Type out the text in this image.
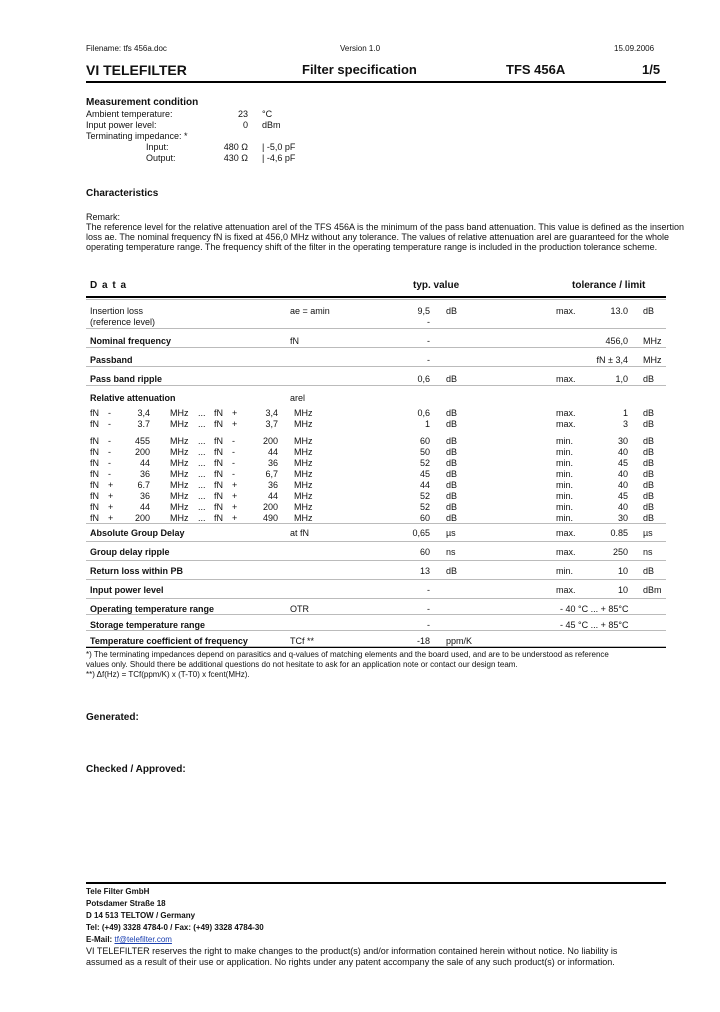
Filename: tfs 456a.doc	Version 1.0	15.09.2006
VI TELEFILTER	Filter specification	TFS 456A	1/5
Measurement condition
Ambient temperature:	23 °C
Input power level:	0 dBm
Terminating impedance: *
Input:	480 Ω | -5,0 pF
Output:	430 Ω | -4,6 pF
Characteristics
Remark:
The reference level for the relative attenuation arel of the TFS 456A is the minimum of the pass band attenuation. This value is defined as the insertion
loss ae. The nominal frequency fN is fixed at 456,0 MHz without any tolerance. The values of relative attenuation arel are guaranteed for the whole
operating temperature range. The frequency shift of the filter in the operating temperature range is included in the production tolerance scheme.
D a t a	typ. value	tolerance / limit
Insertion loss	ae = amin	9,5 dB	max.	13.0 dB
(reference level)	-
Nominal frequency	fN	-	456,0 MHz
Passband	-	fN ± 3,4 MHz
Pass band ripple	0,6 dB	max.	1,0 dB
Relative attenuation	arel
fN -	3,4 MHz ... fN +	3,4 MHz	0,6 dB	max.	1 dB
fN -	3.7 MHz ... fN +	3,7 MHz	1 dB	max.	3 dB
fN -	455 MHz ... fN -	200 MHz	60 dB	min.	30 dB
fN -	200 MHz ... fN -	44 MHz	50 dB	min.	40 dB
fN -	44 MHz ... fN -	36 MHz	52 dB	min.	45 dB
fN -	36 MHz ... fN -	6,7 MHz	45 dB	min.	40 dB
fN +	6.7 MHz ... fN +	36 MHz	44 dB	min.	40 dB
fN +	36 MHz ... fN +	44 MHz	52 dB	min.	45 dB
fN +	44 MHz ... fN +	200 MHz	52 dB	min.	40 dB
fN +	200 MHz ... fN +	490 MHz	60 dB	min.	30 dB
Absolute Group Delay	at fN	0,65 µs	max.	0.85 µs
Group delay ripple	60 ns	max.	250 ns
Return loss within PB	13 dB	min.	10 dB
Input power level	-	max.	10 dBm
Operating temperature range	OTR	-	- 40 °C ... + 85°C
Storage temperature range	-	- 45 °C ... + 85°C
Temperature coefficient of frequency	TCf **	-18 ppm/K
*) The terminating impedances depend on parasitics and q-values of matching elements and the board used, and are to be understood as reference
values only. Should there be additional questions do not hesitate to ask for an application note or contact our design team.
**) Δf(Hz) = TCf(ppm/K) x (T-T0) x fcent(MHz).
Generated:
Checked / Approved:
Tele Filter GmbH
Potsdamer Straße 18
D 14 513 TELTOW / Germany
Tel: (+49) 3328 4784-0 / Fax: (+49) 3328 4784-30
E-Mail: tf@telefilter.com
VI TELEFILTER reserves the right to make changes to the product(s) and/or information contained herein without notice. No liability is
assumed as a result of their use or application. No rights under any patent accompany the sale of any such product(s) or information.
